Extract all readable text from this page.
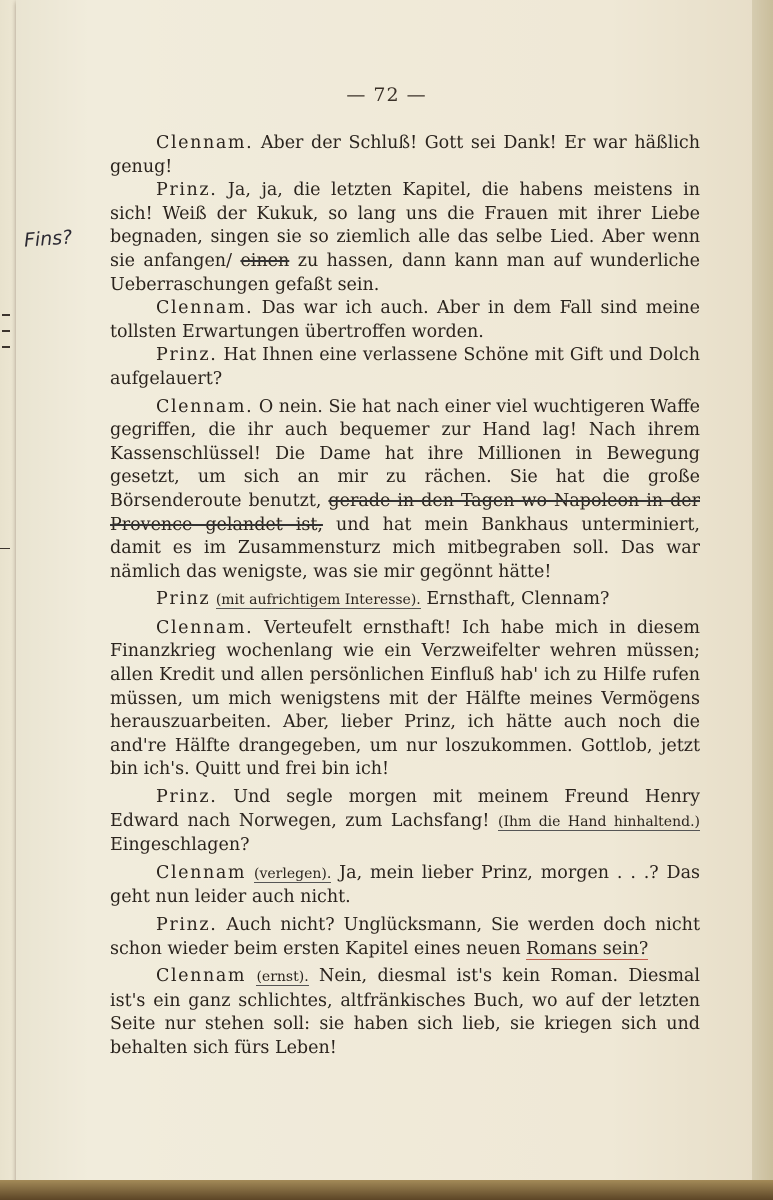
— 72 —
Fins?

Clennam. Aber der Schluß! Gott sei Dank! Er war häßlich genug!

Prinz. Ja, ja, die letzten Kapitel, die habens meistens in sich! Weiß der Kukuk, so lang uns die Frauen mit ihrer Liebe begnaden, singen sie so ziemlich alle das selbe Lied. Aber wenn sie anfangen/ einen zu hassen, dann kann man auf wunderliche Ueberraschungen gefaßt sein.

Clennam. Das war ich auch. Aber in dem Fall sind meine tollsten Erwartungen übertroffen worden.

Prinz. Hat Ihnen eine verlassene Schöne mit Gift und Dolch aufgelauert?

Clennam. O nein. Sie hat nach einer viel wuchtigeren Waffe gegriffen, die ihr auch bequemer zur Hand lag! Nach ihrem Kassenschlüssel! Die Dame hat ihre Millionen in Bewegung gesetzt, um sich an mir zu rächen. Sie hat die große Börsenderoute benutzt, gerade in den Tagen wo Napoleon in der Provence gelandet ist, und hat mein Bankhaus unterminiert, damit es im Zusammensturz mich mitbegraben soll. Das war nämlich das wenigste, was sie mir gegönnt hätte!

Prinz (mit aufrichtigem Interesse). Ernsthaft, Clennam?

Clennam. Verteufelt ernsthaft! Ich habe mich in diesem Finanzkrieg wochenlang wie ein Verzweifelter wehren müssen; allen Kredit und allen persönlichen Einfluß hab' ich zu Hilfe rufen müssen, um mich wenigstens mit der Hälfte meines Vermögens herauszuarbeiten. Aber, lieber Prinz, ich hätte auch noch die and're Hälfte drangegeben, um nur loszukommen. Gottlob, jetzt bin ich's. Quitt und frei bin ich!

Prinz. Und segle morgen mit meinem Freund Henry Edward nach Norwegen, zum Lachsfang! (Ihm die Hand hinhaltend.) Eingeschlagen?

Clennam (verlegen). Ja, mein lieber Prinz, morgen . . .? Das geht nun leider auch nicht.

Prinz. Auch nicht? Unglücksmann, Sie werden doch nicht schon wieder beim ersten Kapitel eines neuen Romans sein?

Clennam (ernst). Nein, diesmal ist's kein Roman. Diesmal ist's ein ganz schlichtes, altfränkisches Buch, wo auf der letzten Seite nur stehen soll: sie haben sich lieb, sie kriegen sich und behalten sich fürs Leben!
